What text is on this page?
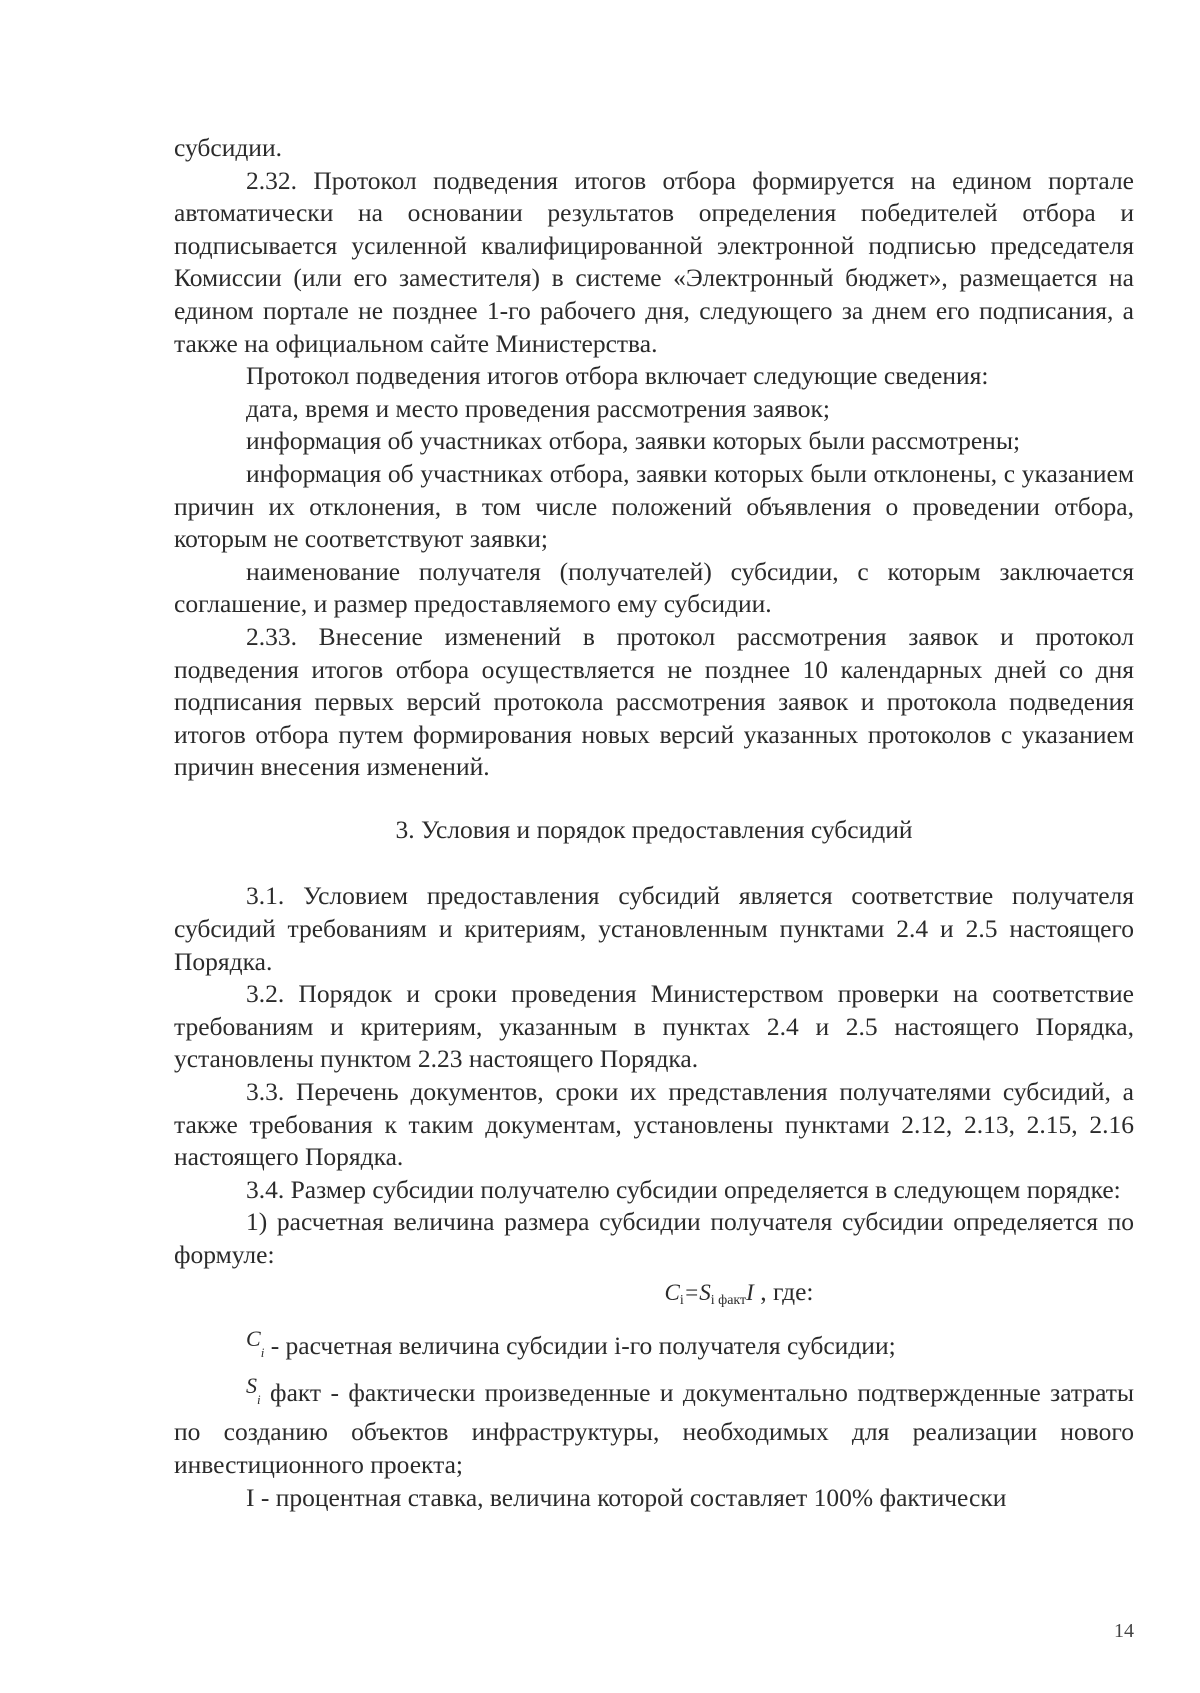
субсидии.

2.32. Протокол подведения итогов отбора формируется на едином портале автоматически на основании результатов определения победителей отбора и подписывается усиленной квалифицированной электронной подписью председателя Комиссии (или его заместителя) в системе «Электронный бюджет», размещается на едином портале не позднее 1-го рабочего дня, следующего за днем его подписания, а также на официальном сайте Министерства.

Протокол подведения итогов отбора включает следующие сведения:

дата, время и место проведения рассмотрения заявок;

информация об участниках отбора, заявки которых были рассмотрены;

информация об участниках отбора, заявки которых были отклонены, с указанием причин их отклонения, в том числе положений объявления о проведении отбора, которым не соответствуют заявки;

наименование получателя (получателей) субсидии, с которым заключается соглашение, и размер предоставляемого ему субсидии.

2.33. Внесение изменений в протокол рассмотрения заявок и протокол подведения итогов отбора осуществляется не позднее 10 календарных дней со дня подписания первых версий протокола рассмотрения заявок и протокола подведения итогов отбора путем формирования новых версий указанных протоколов с указанием причин внесения изменений.

3. Условия и порядок предоставления субсидий

3.1. Условием предоставления субсидий является соответствие получателя субсидий требованиям и критериям, установленным пунктами 2.4 и 2.5 настоящего Порядка.

3.2. Порядок и сроки проведения Министерством проверки на соответствие требованиям и критериям, указанным в пунктах 2.4 и 2.5 настоящего Порядка, установлены пунктом 2.23 настоящего Порядка.

3.3. Перечень документов, сроки их представления получателями субсидий, а также требования к таким документам, установлены пунктами 2.12, 2.13, 2.15, 2.16 настоящего Порядка.

3.4. Размер субсидии получателю субсидии определяется в следующем порядке:

1) расчетная величина размера субсидии получателя субсидии определяется по формуле:

$C_i=S_{i факт}I$ , где:

Ci - расчетная величина субсидии i-го получателя субсидии;

Si факт - фактически произведенные и документально подтвержденные затраты по созданию объектов инфраструктуры, необходимых для реализации нового инвестиционного проекта;

I - процентная ставка, величина которой составляет 100% фактически

14
